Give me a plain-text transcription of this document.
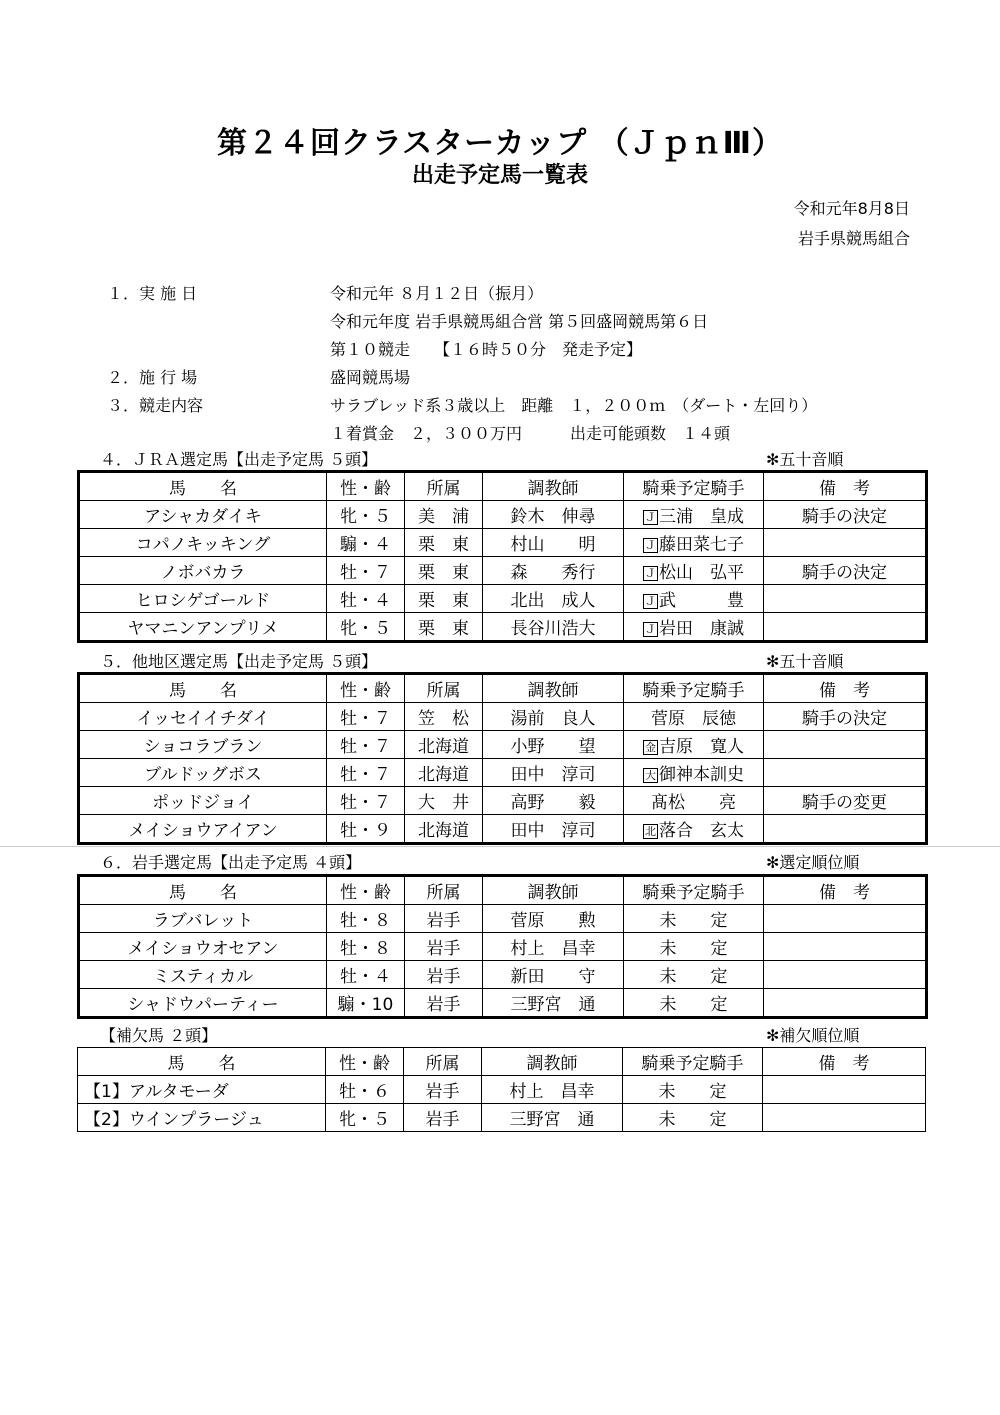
第２４回クラスターカップ （ＪｐｎⅢ）
出走予定馬一覧表
令和元年8月8日
岩手県競馬組合
１．実 施 日	令和元年 ８月１２日（振月）
令和元年度 岩手県競馬組合営 第５回盛岡競馬第６日
第１０競走　　【１６時５０分　発走予定】
２．施 行 場	盛岡競馬場
３．競走内容	サラブレッド系３歳以上　距離　１，２００ｍ　（ダート・左回り）
１着賞金　２，３００万円　　　出走可能頭数　１４頭
４．ＪＲＡ選定馬【出走予定馬 ５頭】	✻五十音順
馬　　名	性・齢	所属	調教師	騎乗予定騎手	備　考
アシャカダイキ	牝・５	美　浦	鈴木　伸尋	Ｊ 三浦　皇成	騎手の決定
コパノキッキング	騸・４	栗　東	村山　　明	Ｊ 藤田菜七子	
ノボバカラ	牡・７	栗　東	森　　秀行	Ｊ 松山　弘平	騎手の決定
ヒロシゲゴールド	牡・４	栗　東	北出　成人	Ｊ 武　　　豊	
ヤマニンアンプリメ	牝・５	栗　東	長谷川浩大	Ｊ 岩田　康誠	
５．他地区選定馬【出走予定馬 ５頭】	✻五十音順
馬　　名	性・齢	所属	調教師	騎乗予定騎手	備　考
イッセイイチダイ	牡・７	笠　松	湯前　良人	菅原　辰徳	騎手の決定
ショコラブラン	牡・７	北海道	小野　　望	金 吉原　寛人	
ブルドッグボス	牡・７	北海道	田中　淳司	大 御神本訓史	
ポッドジョイ	牡・７	大　井	高野　　毅	髙松　　亮	騎手の変更
メイショウアイアン	牡・９	北海道	田中　淳司	北 落合　玄太	
６．岩手選定馬【出走予定馬 ４頭】	✻選定順位順
馬　　名	性・齢	所属	調教師	騎乗予定騎手	備　考
ラブバレット	牡・８	岩手	菅原　　勲	未　　定	
メイショウオセアン	牡・８	岩手	村上　昌幸	未　　定	
ミスティカル	牡・４	岩手	新田　　守	未　　定	
シャドウパーティー	騸・10	岩手	三野宮　通	未　　定	
【補欠馬 ２頭】	✻補欠順位順
馬　　名	性・齢	所属	調教師	騎乗予定騎手	備　考
【1】アルタモーダ	牡・６	岩手	村上　昌幸	未　　定	
【2】ウインプラージュ	牝・５	岩手	三野宮　通	未　　定	
